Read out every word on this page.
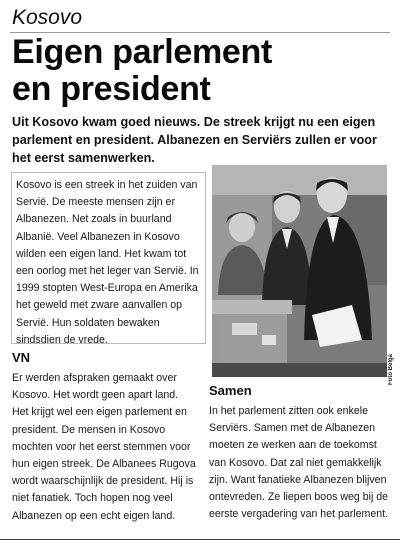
Kosovo
Eigen parlement
en president
Uit Kosovo kwam goed nieuws. De streek krijgt nu een eigen
parlement en president. Albanezen en Serviërs zullen er voor
het eerst samenwerken.
Kosovo is een streek in het zuiden van
Servië. De meeste mensen zijn er
Albanezen. Net zoals in buurland
Albanië. Veel Albanezen in Kosovo
wilden een eigen land. Het kwam tot
een oorlog met het leger van Servië. In
1999 stopten West-Europa en Amerika
het geweld met zware aanvallen op
Servië. Hun soldaten bewaken
sindsdien de vrede.
VN
Er werden afspraken gemaakt over
Kosovo. Het wordt geen apart land.
Het krijgt wel een eigen parlement en
president. De mensen in Kosovo
mochten voor het eerst stemmen voor
hun eigen streek. De Albanees Rugova
wordt waarschijnlijk de president. Hij is
niet fanatiek. Toch hopen nog veel
Albanezen op een echt eigen land.
Foto Belga
Samen
In het parlement zitten ook enkele
Serviërs. Samen met de Albanezen
moeten ze werken aan de toekomst
van Kosovo. Dat zal niet gemakkelijk
zijn. Want fanatieke Albanezen blijven
ontevreden. Ze liepen boos weg bij de
eerste vergadering van het parlement.
